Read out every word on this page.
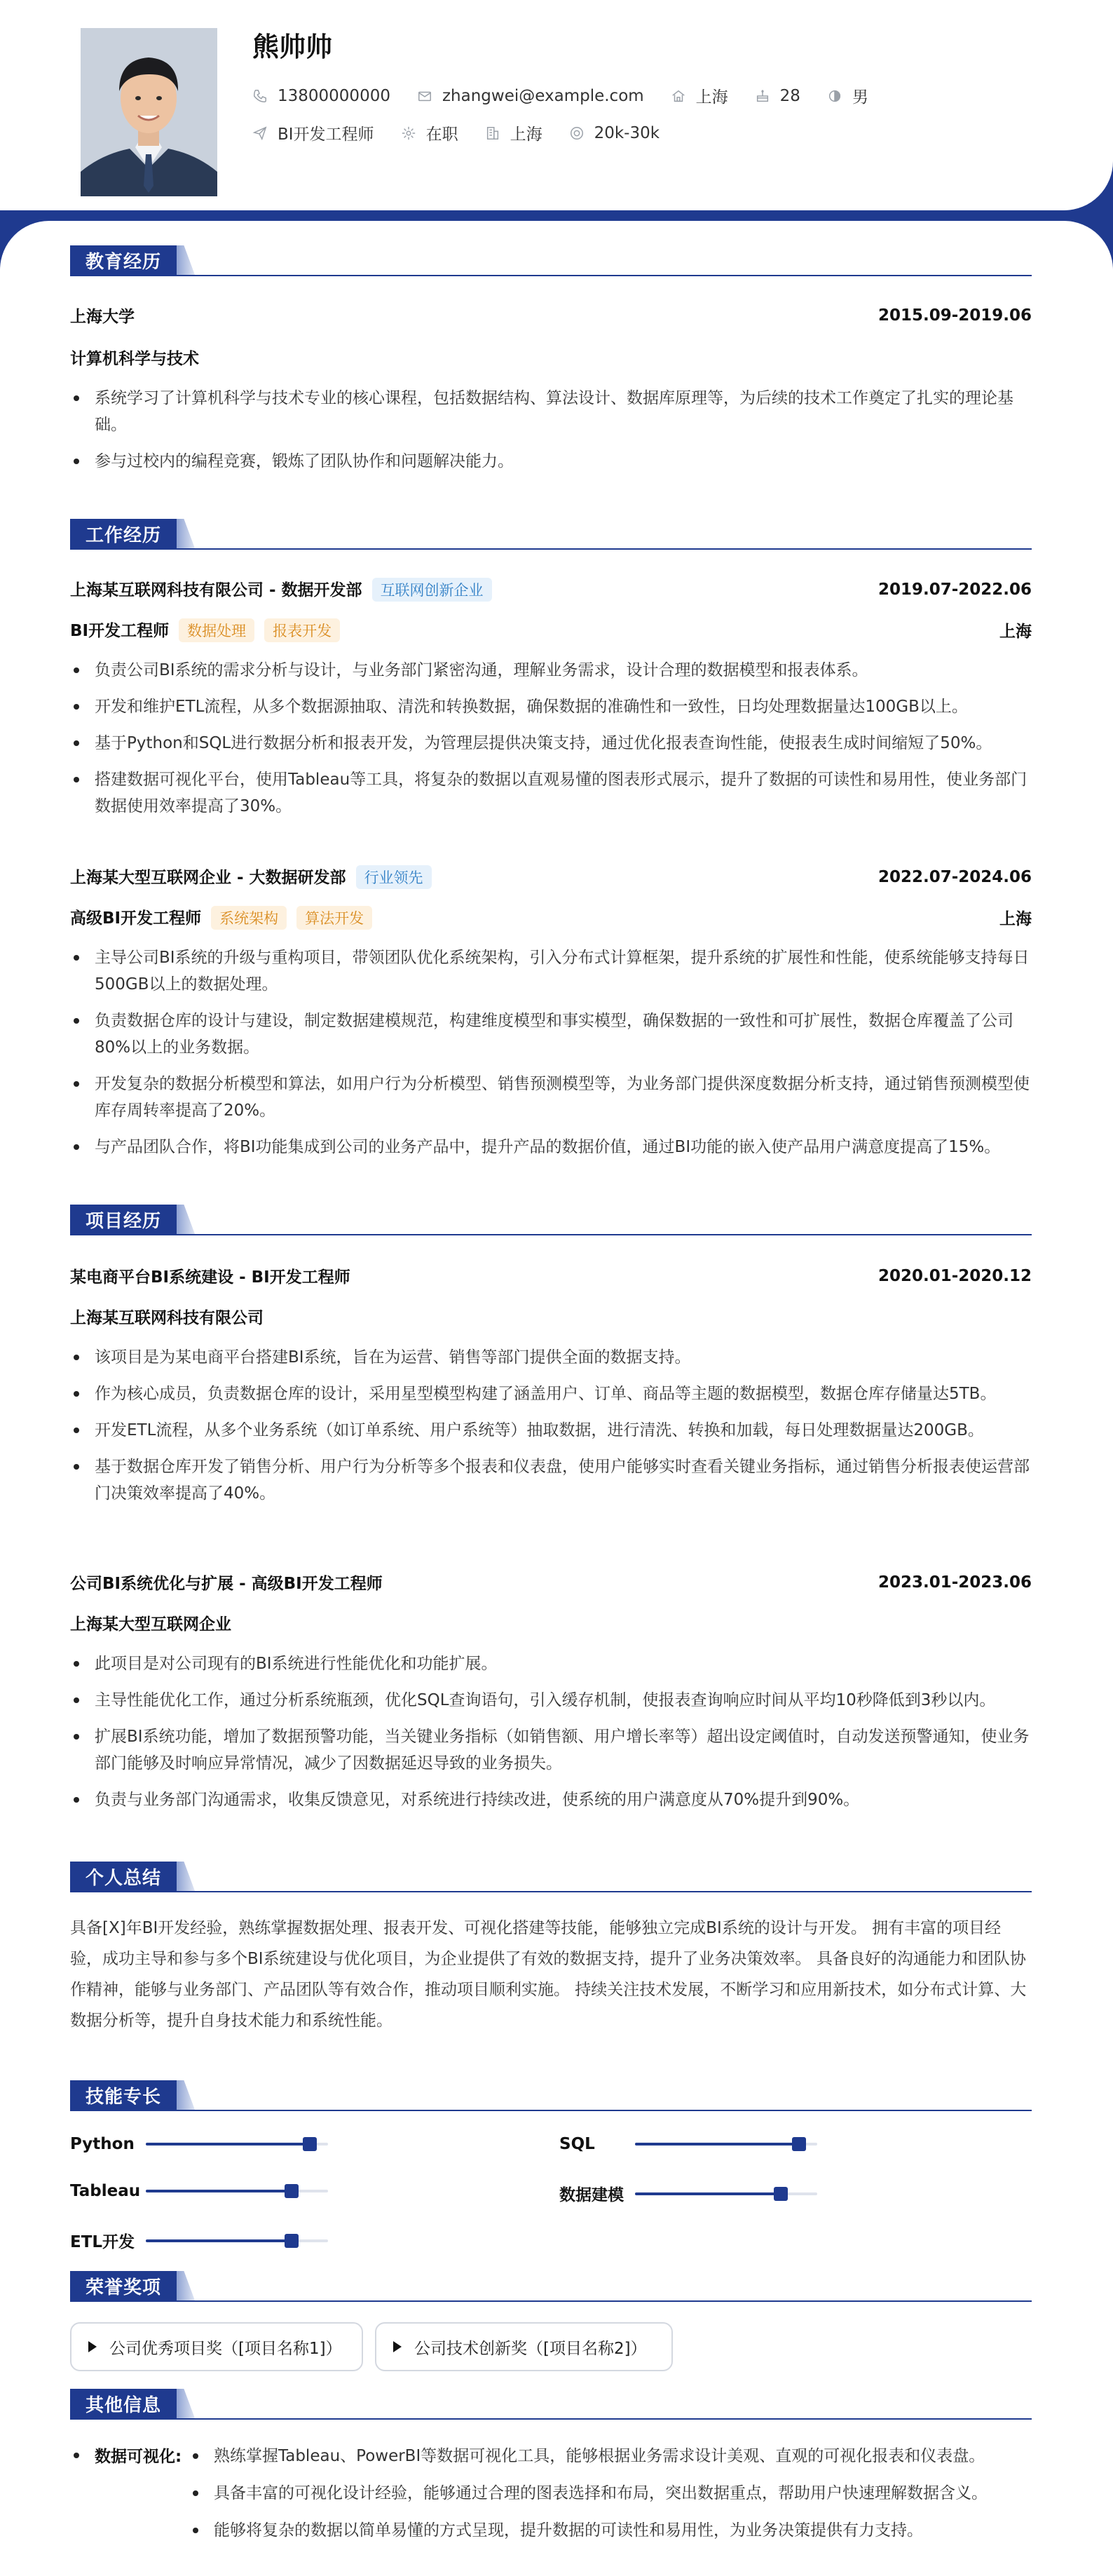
熊帅帅
13800000000	zhangwei@example.com	上海	28	男
BI开发工程师	在职	上海	20k-30k
教育经历
上海大学	2015.09-2019.06
计算机科学与技术
系统学习了计算机科学与技术专业的核心课程，包括数据结构、算法设计、数据库原理等，为后续的技术工作奠定了扎实的理论基础。
参与过校内的编程竞赛，锻炼了团队协作和问题解决能力。
工作经历
上海某互联网科技有限公司 - 数据开发部 互联网创新企业	2019.07-2022.06
BI开发工程师 数据处理 报表开发	上海
负责公司BI系统的需求分析与设计，与业务部门紧密沟通，理解业务需求，设计合理的数据模型和报表体系。
开发和维护ETL流程，从多个数据源抽取、清洗和转换数据，确保数据的准确性和一致性，日均处理数据量达100GB以上。
基于Python和SQL进行数据分析和报表开发，为管理层提供决策支持，通过优化报表查询性能，使报表生成时间缩短了50%。
搭建数据可视化平台，使用Tableau等工具，将复杂的数据以直观易懂的图表形式展示，提升了数据的可读性和易用性，使业务部门数据使用效率提高了30%。
上海某大型互联网企业 - 大数据研发部 行业领先	2022.07-2024.06
高级BI开发工程师 系统架构 算法开发	上海
主导公司BI系统的升级与重构项目，带领团队优化系统架构，引入分布式计算框架，提升系统的扩展性和性能，使系统能够支持每日500GB以上的数据处理。
负责数据仓库的设计与建设，制定数据建模规范，构建维度模型和事实模型，确保数据的一致性和可扩展性，数据仓库覆盖了公司80%以上的业务数据。
开发复杂的数据分析模型和算法，如用户行为分析模型、销售预测模型等，为业务部门提供深度数据分析支持，通过销售预测模型使库存周转率提高了20%。
与产品团队合作，将BI功能集成到公司的业务产品中，提升产品的数据价值，通过BI功能的嵌入使产品用户满意度提高了15%。
项目经历
某电商平台BI系统建设 - BI开发工程师	2020.01-2020.12
上海某互联网科技有限公司
该项目是为某电商平台搭建BI系统，旨在为运营、销售等部门提供全面的数据支持。
作为核心成员，负责数据仓库的设计，采用星型模型构建了涵盖用户、订单、商品等主题的数据模型，数据仓库存储量达5TB。
开发ETL流程，从多个业务系统（如订单系统、用户系统等）抽取数据，进行清洗、转换和加载，每日处理数据量达200GB。
基于数据仓库开发了销售分析、用户行为分析等多个报表和仪表盘，使用户能够实时查看关键业务指标，通过销售分析报表使运营部门决策效率提高了40%。
公司BI系统优化与扩展 - 高级BI开发工程师	2023.01-2023.06
上海某大型互联网企业
此项目是对公司现有的BI系统进行性能优化和功能扩展。
主导性能优化工作，通过分析系统瓶颈，优化SQL查询语句，引入缓存机制，使报表查询响应时间从平均10秒降低到3秒以内。
扩展BI系统功能，增加了数据预警功能，当关键业务指标（如销售额、用户增长率等）超出设定阈值时，自动发送预警通知，使业务部门能够及时响应异常情况，减少了因数据延迟导致的业务损失。
负责与业务部门沟通需求，收集反馈意见，对系统进行持续改进，使系统的用户满意度从70%提升到90%。
个人总结
具备[X]年BI开发经验，熟练掌握数据处理、报表开发、可视化搭建等技能，能够独立完成BI系统的设计与开发。 拥有丰富的项目经验，成功主导和参与多个BI系统建设与优化项目，为企业提供了有效的数据支持，提升了业务决策效率。 具备良好的沟通能力和团队协作精神，能够与业务部门、产品团队等有效合作，推动项目顺利实施。 持续关注技术发展，不断学习和应用新技术，如分布式计算、大数据分析等，提升自身技术能力和系统性能。
技能专长
Python	SQL
Tableau	数据建模
ETL开发
荣誉奖项
公司优秀项目奖（[项目名称1]）	公司技术创新奖（[项目名称2]）
其他信息
数据可视化:	熟练掌握Tableau、PowerBI等数据可视化工具，能够根据业务需求设计美观、直观的可视化报表和仪表盘。
具备丰富的可视化设计经验，能够通过合理的图表选择和布局，突出数据重点，帮助用户快速理解数据含义。
能够将复杂的数据以简单易懂的方式呈现，提升数据的可读性和易用性，为业务决策提供有力支持。
